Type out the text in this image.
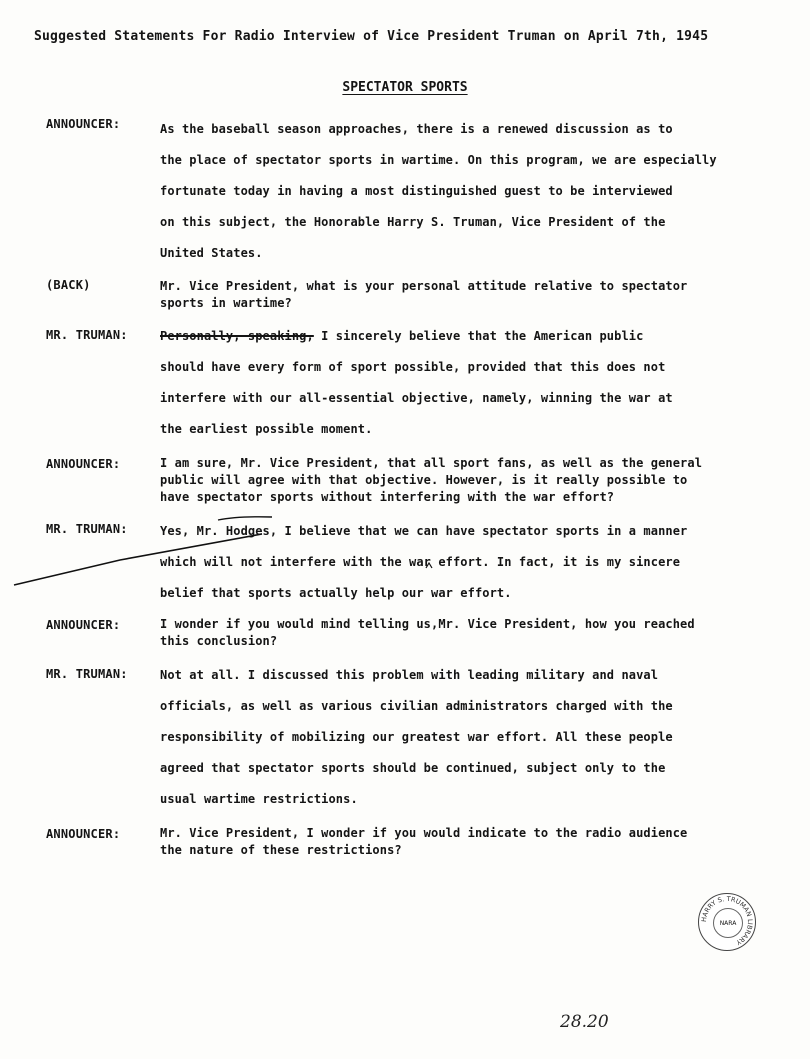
Suggested Statements For Radio Interview of Vice President Truman on April 7th, 1945
SPECTATOR SPORTS
ANNOUNCER:	As the baseball season approaches, there is a renewed discussion as to
the place of spectator sports in wartime. On this program, we are especially
fortunate today in having a most distinguished guest to be interviewed
on this subject, the Honorable Harry S. Truman, Vice President of the
United States.
(BACK)	Mr. Vice President, what is your personal attitude relative to spectator
sports in wartime?
MR. TRUMAN:	Personally, speaking, I sincerely believe that the American public
should have every form of sport possible, provided that this does not
interfere with our all-essential objective, namely, winning the war at
the earliest possible moment.
ANNOUNCER:	I am sure, Mr. Vice President, that all sport fans, as well as the general
public will agree with that objective. However, is it really possible to
have spectator sports without interfering with the war effort?
MR. TRUMAN:	Yes, Mr. Hodges, I believe that we can have spectator sports in a manner
which will not interfere with the war effort. In fact, it is my sincere
belief that sports actually help our war effort.
ANNOUNCER:	I wonder if you would mind telling us,Mr. Vice President, how you reached
this conclusion?
MR. TRUMAN:	Not at all. I discussed this problem with leading military and naval
officials, as well as various civilian administrators charged with the
responsibility of mobilizing our greatest war effort. All these people
agreed that spectator sports should be continued, subject only to the
usual wartime restrictions.
ANNOUNCER:	Mr. Vice President, I wonder if you would indicate to the radio audience
the nature of these restrictions?
HARRY S. TRUMAN LIBRARY
NARA
28.20
